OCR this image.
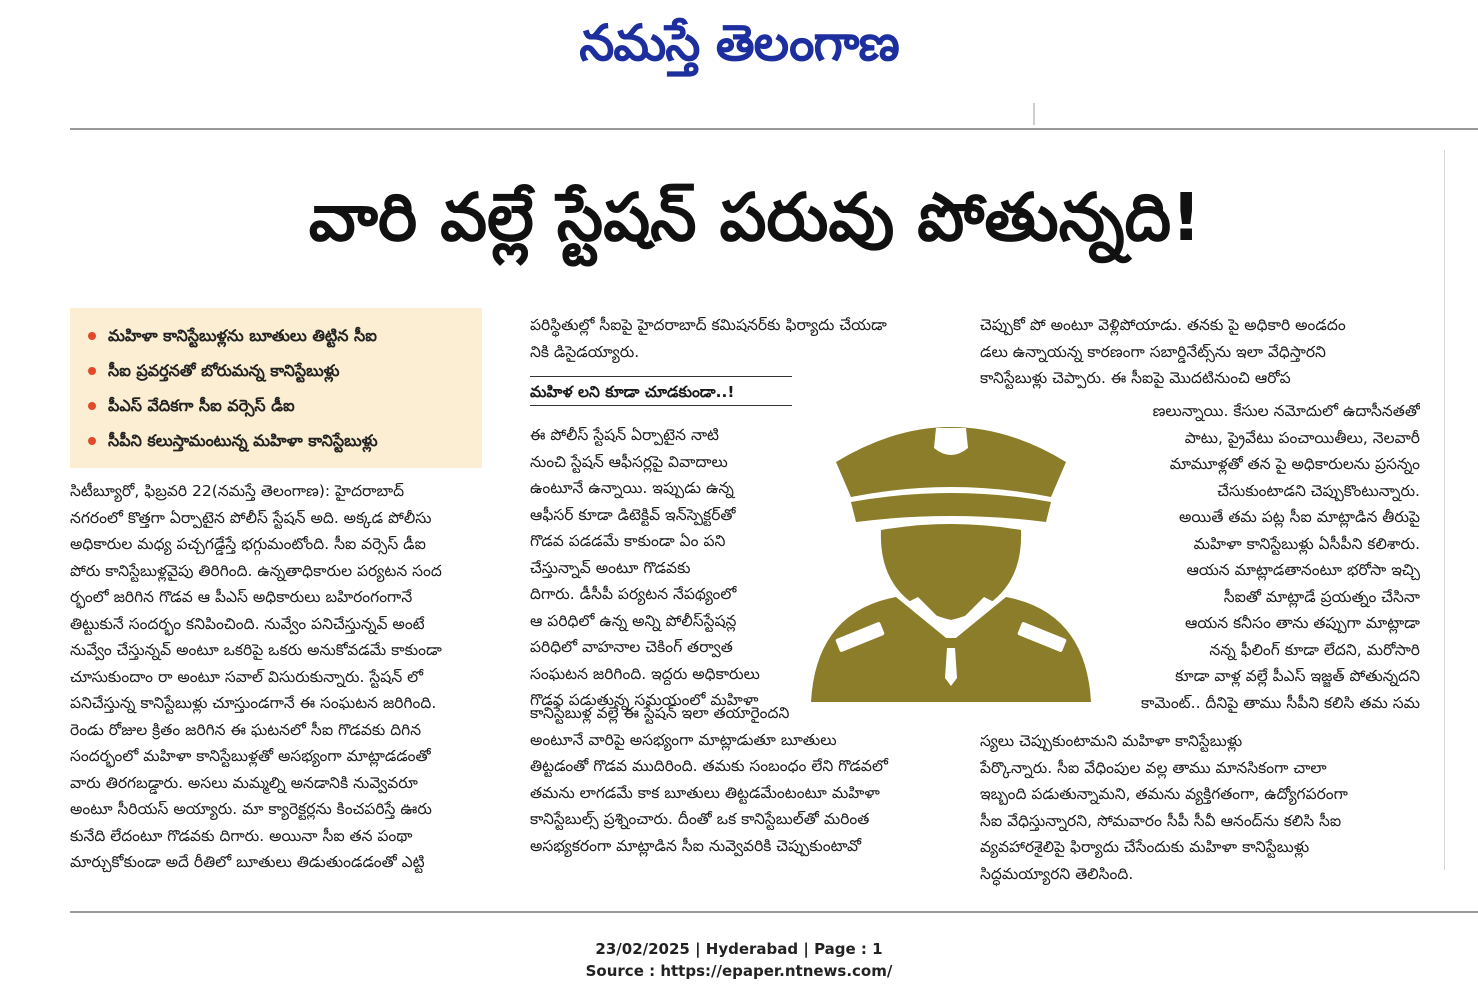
నమస్తే తెలంగాణ
వారి వల్లే స్టేషన్ పరువు పోతున్నది!
మహిళా కానిస్టేబుళ్లను బూతులు తిట్టిన సీఐ
సీఐ ప్రవర్తనతో బోరుమన్న కానిస్టేబుళ్లు
పీఎస్ వేదికగా సీఐ వర్సెస్ డీఐ
సీపీని కలుస్తామంటున్న మహిళా కానిస్టేబుళ్లు
సిటీబ్యూరో, ఫిబ్రవరి 22(నమస్తే తెలంగాణ): హైదరాబాద్
నగరంలో కొత్తగా ఏర్పాటైన పోలీస్ స్టేషన్ అది. అక్కడ పోలీసు
అధికారుల మధ్య పచ్చగడ్డేస్తే భగ్గుమంటోంది. సీఐ వర్సెస్ డీఐ
పోరు కానిస్టేబుళ్లవైపు తిరిగింది. ఉన్నతాధికారుల పర్యటన సంద
ర్భంలో జరిగిన గొడవ ఆ పీఎస్ అధికారులు బహిరంగంగానే
తిట్టుకునే సందర్భం కనిపించింది. నువ్వేం పనిచేస్తున్నవ్ అంటే
నువ్వేం చేస్తున్నవ్ అంటూ ఒకరిపై ఒకరు అనుకోవడమే కాకుండా
చూసుకుందాం రా అంటూ సవాల్ విసురుకున్నారు. స్టేషన్ లో
పనిచేస్తున్న కానిస్టేబుళ్లు చూస్తుండగానే ఈ సంఘటన జరిగింది.
రెండు రోజుల క్రితం జరిగిన ఈ ఘటనలో సీఐ గొడవకు దిగిన
సందర్భంలో మహిళా కానిస్టేబుళ్లతో అసభ్యంగా మాట్లాడడంతో
వారు తిరగబడ్డారు. అసలు మమ్మల్ని అనడానికి నువ్వెవరూ
అంటూ సీరియస్ అయ్యారు. మా క్యారెక్టర్లను కించపరిస్తే ఊరు
కునేది లేదంటూ గొడవకు దిగారు. అయినా సీఐ తన పంథా
మార్చుకోకుండా అదే రీతిలో బూతులు తిడుతుండడంతో ఎట్టి
పరిస్థితుల్లో సీఐపై హైదరాబాద్ కమిషనర్‌కు ఫిర్యాదు చేయడా
నికి డిసైడయ్యారు.
మహిళ లని కూడా చూడకుండా..!
ఈ పోలీస్ స్టేషన్ ఏర్పాటైన నాటి
నుంచి స్టేషన్ ఆఫీసర్లపై వివాదాలు
ఉంటూనే ఉన్నాయి. ఇప్పుడు ఉన్న
ఆఫీసర్ కూడా డిటెక్టివ్ ఇన్‌స్పెక్టర్‌తో
గొడవ పడడమే కాకుండా ఏం పని
చేస్తున్నావ్ అంటూ గొడవకు
దిగారు. డీసీపీ పర్యటన నేపథ్యంలో
ఆ పరిధిలో ఉన్న అన్ని పోలీస్‌స్టేషన్ల
పరిధిలో వాహనాల చెకింగ్ తర్వాత
సంఘటన జరిగింది. ఇద్దరు అధికారులు
గొడవ పడుతున్న సమయంలో మహిళా
కానిస్టేబుళ్ల వల్లే ఈ స్టేషన్ ఇలా తయారైందని
అంటూనే వారిపై అసభ్యంగా మాట్లాడుతూ బూతులు
తిట్టడంతో గొడవ ముదిరింది. తమకు సంబంధం లేని గొడవలో
తమను లాగడమే కాక బూతులు తిట్టడమేంటంటూ మహిళా
కానిస్టేబుల్స్ ప్రశ్నించారు. దీంతో ఒక కానిస్టేబుల్‌తో మరింత
అసభ్యకరంగా మాట్లాడిన సీఐ నువ్వెవరికి చెప్పుకుంటావో
చెప్పుకో పో అంటూ వెళ్లిపోయాడు. తనకు పై అధికారి అండదం
డలు ఉన్నాయన్న కారణంగా సబార్డినేట్స్‌ను ఇలా వేధిస్తారని
కానిస్టేబుళ్లు చెప్పారు. ఈ సీఐపై మొదటినుంచి ఆరోప
ణలున్నాయి. కేసుల నమోదులో ఉదాసీనతతో
పాటు, ప్రైవేటు పంచాయితీలు, నెలవారీ
మామూళ్లతో తన పై అధికారులను ప్రసన్నం
చేసుకుంటాడని చెప్పుకొంటున్నారు.
అయితే తమ పట్ల సీఐ మాట్లాడిన తీరుపై
మహిళా కానిస్టేబుళ్లు ఏసీపీని కలిశారు.
ఆయన మాట్లాడతానంటూ భరోసా ఇచ్చి
సీఐతో మాట్లాడే ప్రయత్నం చేసినా
ఆయన కనీసం తాను తప్పుగా మాట్లాడా
నన్న ఫీలింగ్ కూడా లేదని, మరోసారి
కూడా వాళ్ల వల్లే పీఎస్ ఇజ్జత్ పోతున్నదని
కామెంట్.. దీనిపై తాము సీపీని కలిసి తమ సమ
స్యలు చెప్పుకుంటామని మహిళా కానిస్టేబుళ్లు
పేర్కొన్నారు. సీఐ వేధింపుల వల్ల తాము మానసికంగా చాలా
ఇబ్బంది పడుతున్నామని, తమను వ్యక్తిగతంగా, ఉద్యోగపరంగా
సీఐ వేధిస్తున్నారని, సోమవారం సీపీ సీవీ ఆనంద్‌ను కలిసి సీఐ
వ్యవహారశైలిపై ఫిర్యాదు చేసేందుకు మహిళా కానిస్టేబుళ్లు
సిద్ధమయ్యారని తెలిసింది.
23/02/2025 | Hyderabad | Page : 1
Source : https://epaper.ntnews.com/
